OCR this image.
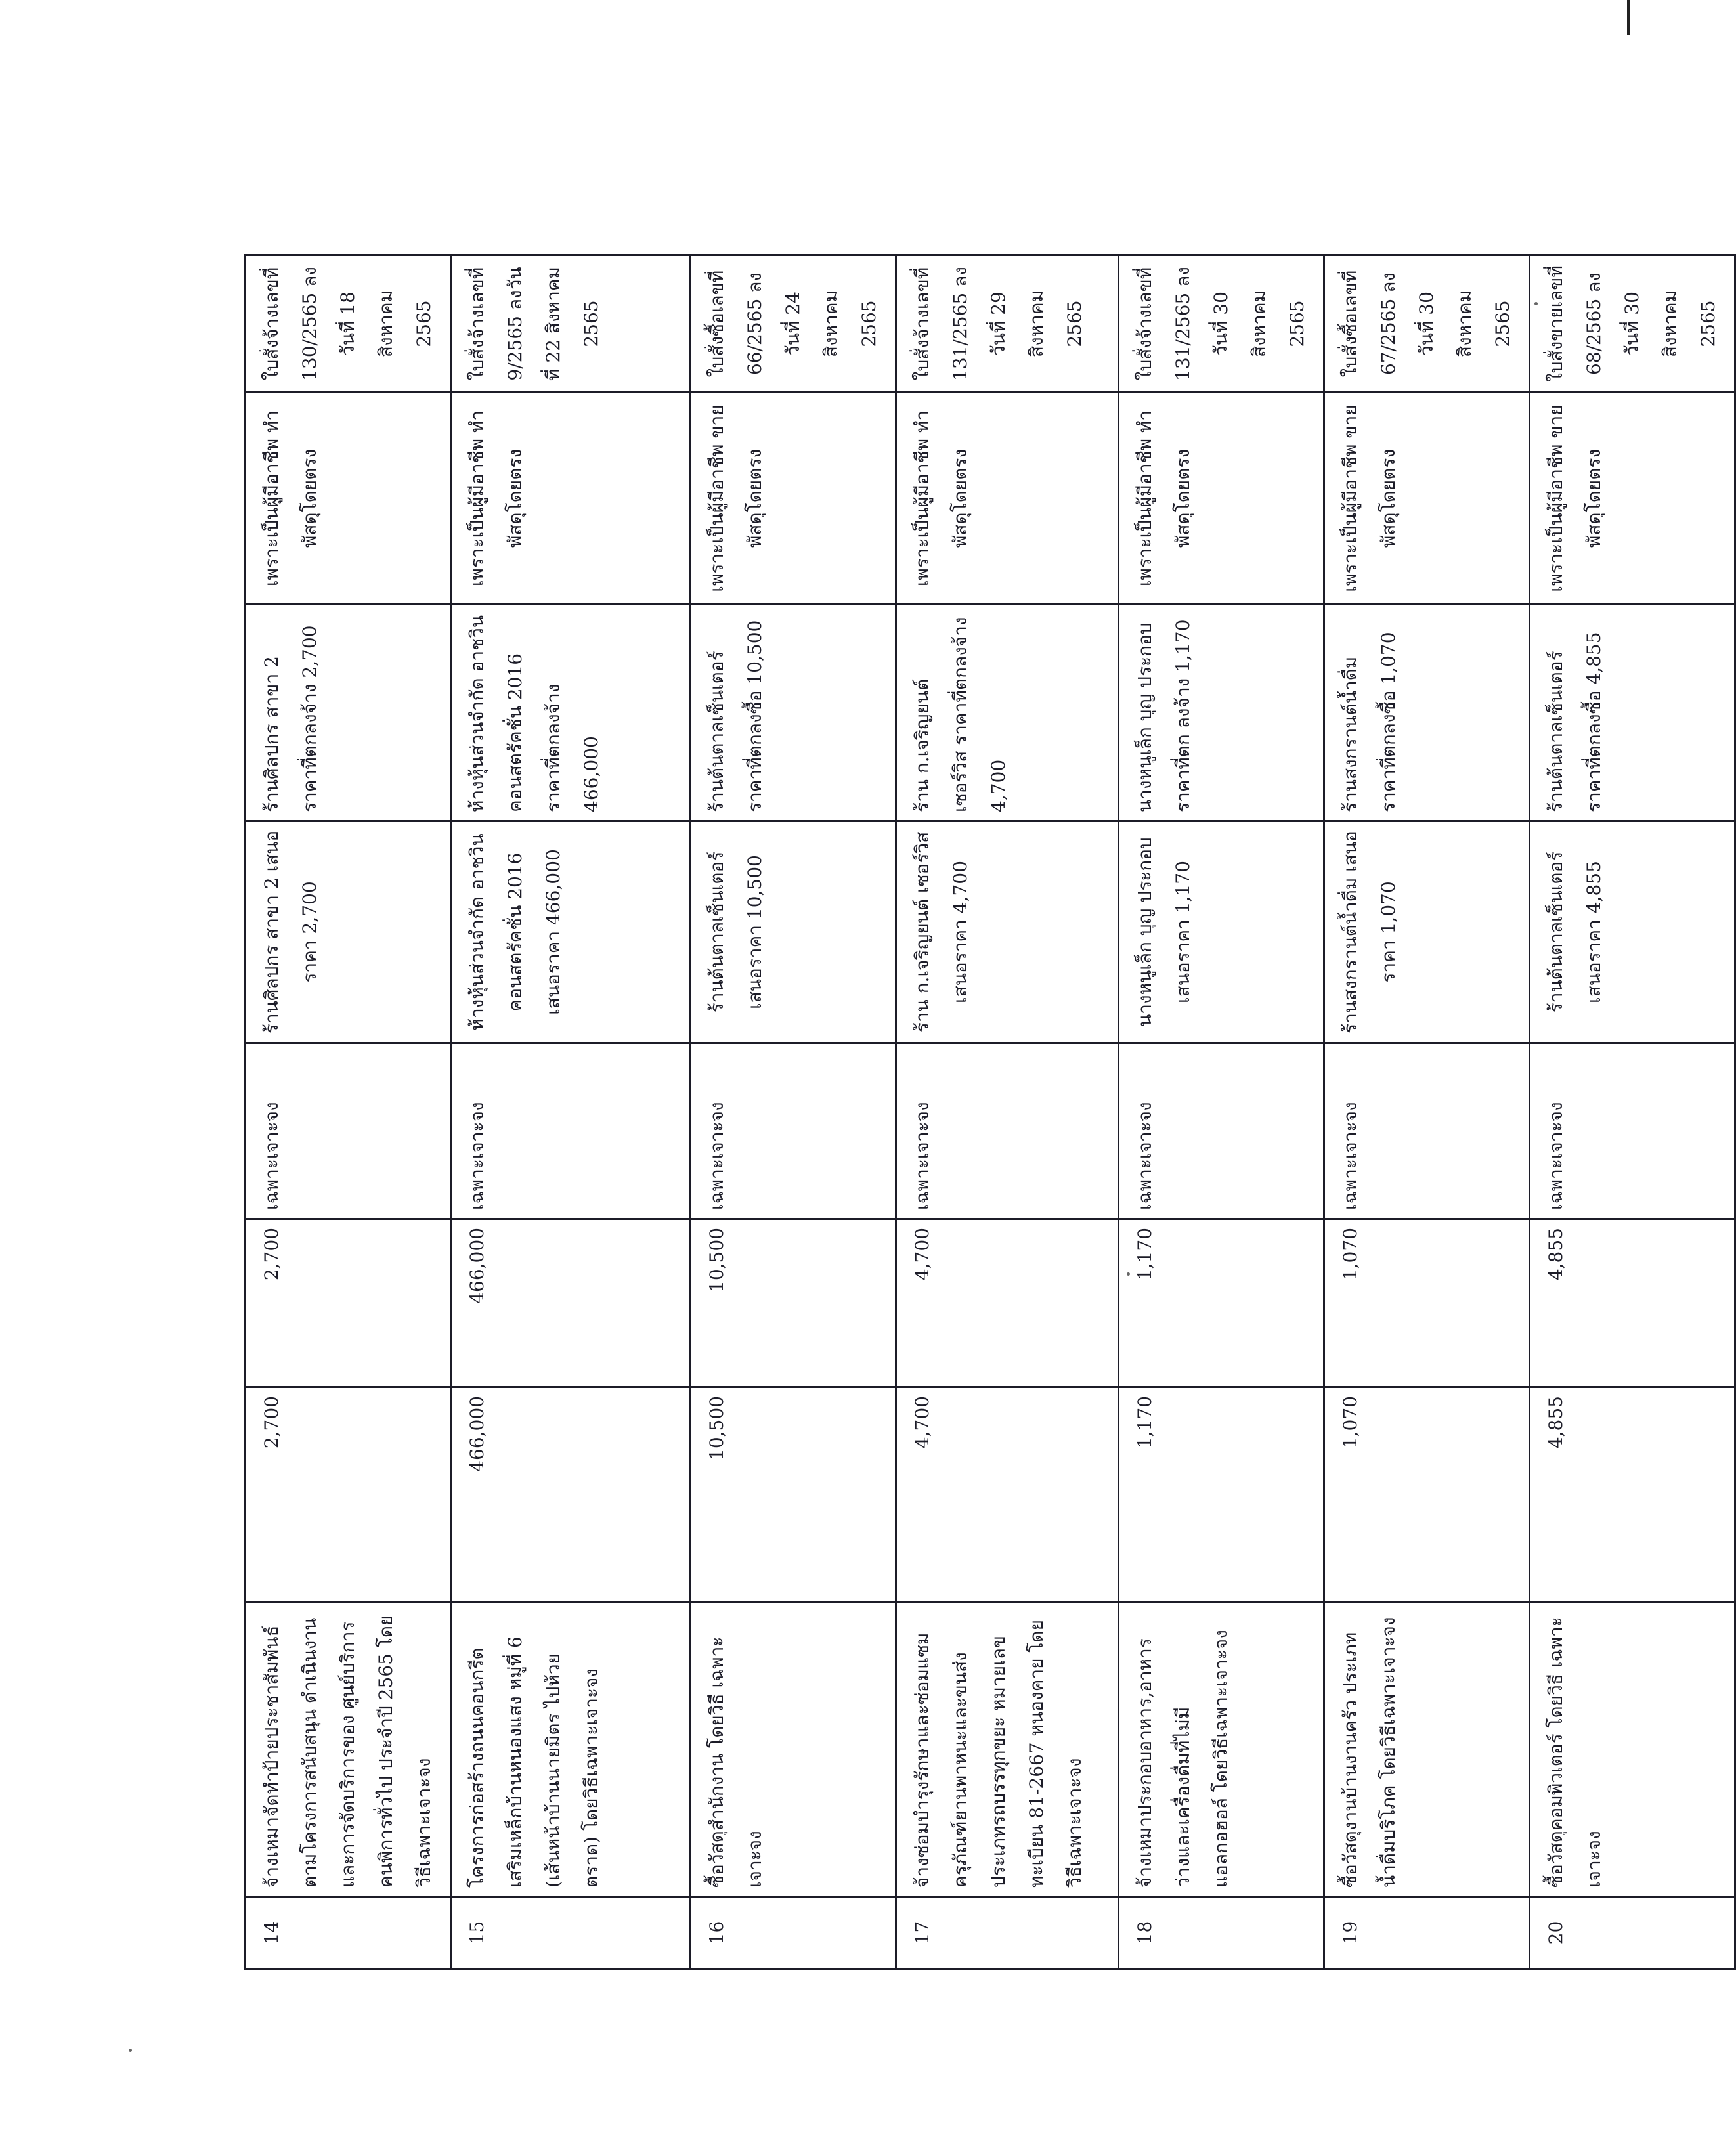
14	จ้างเหมาจัดทำป้ายประชาสัมพันธ์ ตามโครงการสนับสนุน ดำเนินงานและการจัดบริการของ ศูนย์บริการคนพิการทั่วไป ประจำปี 2565 โดยวิธีเฉพาะเจาะจง	2,700	2,700	เฉพาะเจาะจง	ร้านศิลปกร สาขา 2 เสนอราคา 2,700	ร้านศิลปกร สาขา 2 ราคาที่ตกลงจ้าง 2,700	เพราะเป็นผู้มีอาชีพ ทำพัสดุโดยตรง	ใบสั่งจ้างเลขที่ 130/2565 ลงวันที่ 18 สิงหาคม 2565
15	โครงการก่อสร้างถนนคอนกรีต เสริมเหล็กบ้านหนองแสง หมู่ที่ 6 (เส้นหน้าบ้านนายมิตร ไปห้วยตราด) โดยวิธีเฉพาะเจาะจง	466,000	466,000	เฉพาะเจาะจง	ห้างหุ้นส่วนจำกัด อาชวิน คอนสตรัคชั่น 2016 เสนอราคา 466,000	ห้างหุ้นส่วนจำกัด อาชวิน คอนสตรัคชั่น 2016 ราคาที่ตกลงจ้าง 466,000	เพราะเป็นผู้มีอาชีพ ทำพัสดุโดยตรง	ใบสั่งจ้างเลขที่ 9/2565 ลงวันที่ 22 สิงหาคม 2565
16	ซื้อวัสดุสำนักงาน โดยวิธี เฉพาะเจาะจง	10,500	10,500	เฉพาะเจาะจง	ร้านต้นตาลเซ็นเตอร์ เสนอราคา 10,500	ร้านต้นตาลเซ็นเตอร์ ราคาที่ตกลงซื้อ 10,500	เพราะเป็นผู้มีอาชีพ ขายพัสดุโดยตรง	ใบสั่งซื้อเลขที่ 66/2565 ลงวันที่ 24 สิงหาคม 2565
17	จ้างซ่อมบำรุงรักษาและซ่อมแซม ครุภัณฑ์ยานพาหนะและขนส่ง ประเภทรถบรรทุกขยะ หมายเลข ทะเบียน 81-2667 หนองคาย โดย วิธีเฉพาะเจาะจง	4,700	4,700	เฉพาะเจาะจง	ร้าน ก.เจริญยนต์ เซอร์วิส เสนอราคา 4,700	ร้าน ก.เจริญยนต์ เซอร์วิส ราคาที่ตกลงจ้าง 4,700	เพราะเป็นผู้มีอาชีพ ทำพัสดุโดยตรง	ใบสั่งจ้างเลขที่ 131/2565 ลงวันที่ 29 สิงหาคม 2565
18	จ้างเหมาประกอบอาหาร,อาหาร ว่างและเครื่องดื่มที่ไม่มี แอลกอฮอล์ โดยวิธีเฉพาะเจาะจง	1,170	1,170	เฉพาะเจาะจง	นางหนูเล็ก บุญ ประกอบ เสนอราคา 1,170	นางหนูเล็ก บุญ ประกอบ ราคาที่ตก ลงจ้าง 1,170	เพราะเป็นผู้มีอาชีพ ทำพัสดุโดยตรง	ใบสั่งจ้างเลขที่ 131/2565 ลงวันที่ 30 สิงหาคม 2565
19	ซื้อวัสดุงานบ้านงานครัว ประเภท น้ำดื่มบริโภค โดยวิธีเฉพาะเจาะจง	1,070	1,070	เฉพาะเจาะจง	ร้านสงกรานต์น้ำดื่ม เสนอราคา 1,070	ร้านสงกรานต์น้ำดื่ม ราคาที่ตกลงซื้อ 1,070	เพราะเป็นผู้มีอาชีพ ขายพัสดุโดยตรง	ใบสั่งซื้อเลขที่ 67/2565 ลงวันที่ 30 สิงหาคม 2565
20	ซื้อวัสดุคอมพิวเตอร์ โดยวิธี เฉพาะเจาะจง	4,855	4,855	เฉพาะเจาะจง	ร้านต้นตาลเซ็นเตอร์ เสนอราคา 4,855	ร้านต้นตาลเซ็นเตอร์ ราคาที่ตกลงซื้อ 4,855	เพราะเป็นผู้มีอาชีพ ขายพัสดุโดยตรง	ใบสั่งขายเลขที่ 68/2565 ลงวันที่ 30 สิงหาคม 2565
